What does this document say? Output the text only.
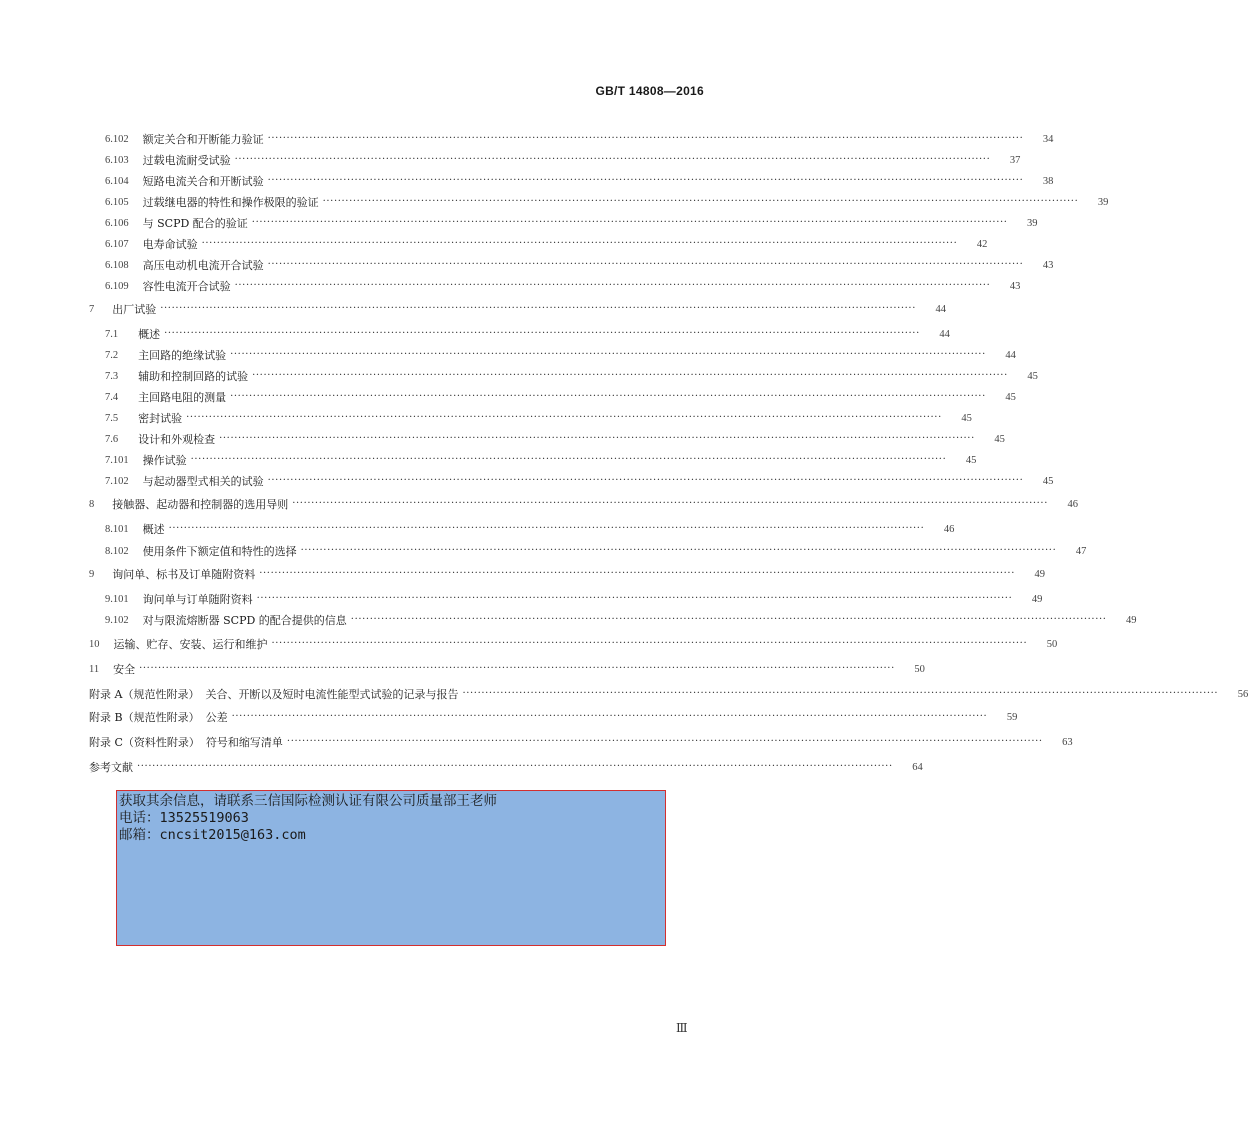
GB/T 14808—2016
6.102 额定关合和开断能力验证 ········································································································································································································	34
6.103 过载电流耐受试验 ········································································································································································································	37
6.104 短路电流关合和开断试验 ········································································································································································································	38
6.105 过载继电器的特性和操作极限的验证 ········································································································································································································	39
6.106 与 SCPD 配合的验证 ········································································································································································································	39
6.107 电寿命试验 ········································································································································································································	42
6.108 高压电动机电流开合试验 ········································································································································································································	43
6.109 容性电流开合试验 ········································································································································································································	43
7 出厂试验 ········································································································································································································	44
7.1 概述 ········································································································································································································	44
7.2 主回路的绝缘试验 ········································································································································································································	44
7.3 辅助和控制回路的试验 ········································································································································································································	45
7.4 主回路电阻的测量 ········································································································································································································	45
7.5 密封试验 ········································································································································································································	45
7.6 设计和外观检查 ········································································································································································································	45
7.101 操作试验 ········································································································································································································	45
7.102 与起动器型式相关的试验 ········································································································································································································	45
8 接触器、起动器和控制器的选用导则 ········································································································································································································	46
8.101 概述 ········································································································································································································	46
8.102 使用条件下额定值和特性的选择 ········································································································································································································	47
9 询问单、标书及订单随附资料 ········································································································································································································	49
9.101 询问单与订单随附资料 ········································································································································································································	49
9.102 对与限流熔断器 SCPD 的配合提供的信息 ········································································································································································································	49
10 运输、贮存、安装、运行和维护 ········································································································································································································	50
11 安全 ········································································································································································································	50
附录 A（规范性附录） 关合、开断以及短时电流性能型式试验的记录与报告 ········································································································································································································	56
附录 B（规范性附录） 公差 ········································································································································································································	59
附录 C（资料性附录） 符号和缩写清单 ········································································································································································································	63
参考文献 ········································································································································································································	64
获取其余信息，请联系三信国际检测认证有限公司质量部王老师
电话：13525519063
邮箱：cncsit2015@163.com
Ⅲ
